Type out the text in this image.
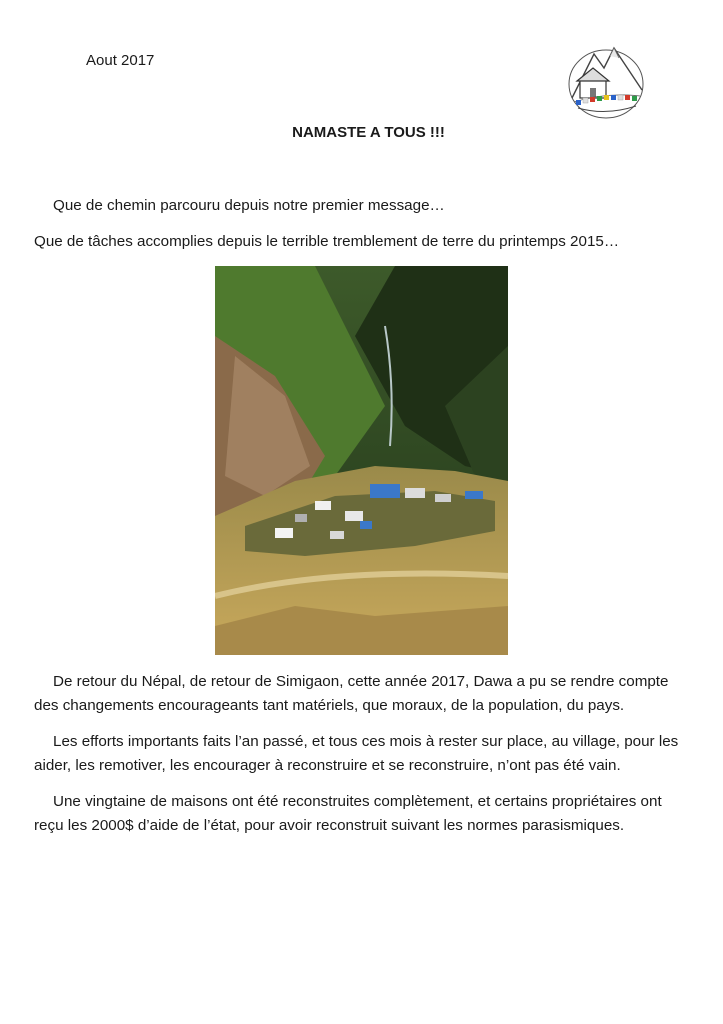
Aout 2017
NAMASTE A TOUS !!!

Que de chemin parcouru depuis notre premier message…

Que de tâches accomplies depuis le terrible tremblement de terre du printemps 2015…

De retour du Népal, de retour de Simigaon, cette année 2017, Dawa a pu se rendre compte des changements encourageants tant matériels, que moraux, de la population, du pays.

Les efforts importants faits l’an passé, et tous ces mois à rester sur place, au village, pour les aider, les remotiver, les encourager à reconstruire et se reconstruire, n’ont pas été vain.

Une vingtaine de maisons ont été reconstruites complètement, et certains propriétaires ont reçu les 2000$ d’aide de l’état, pour avoir reconstruit suivant les normes parasismiques.
